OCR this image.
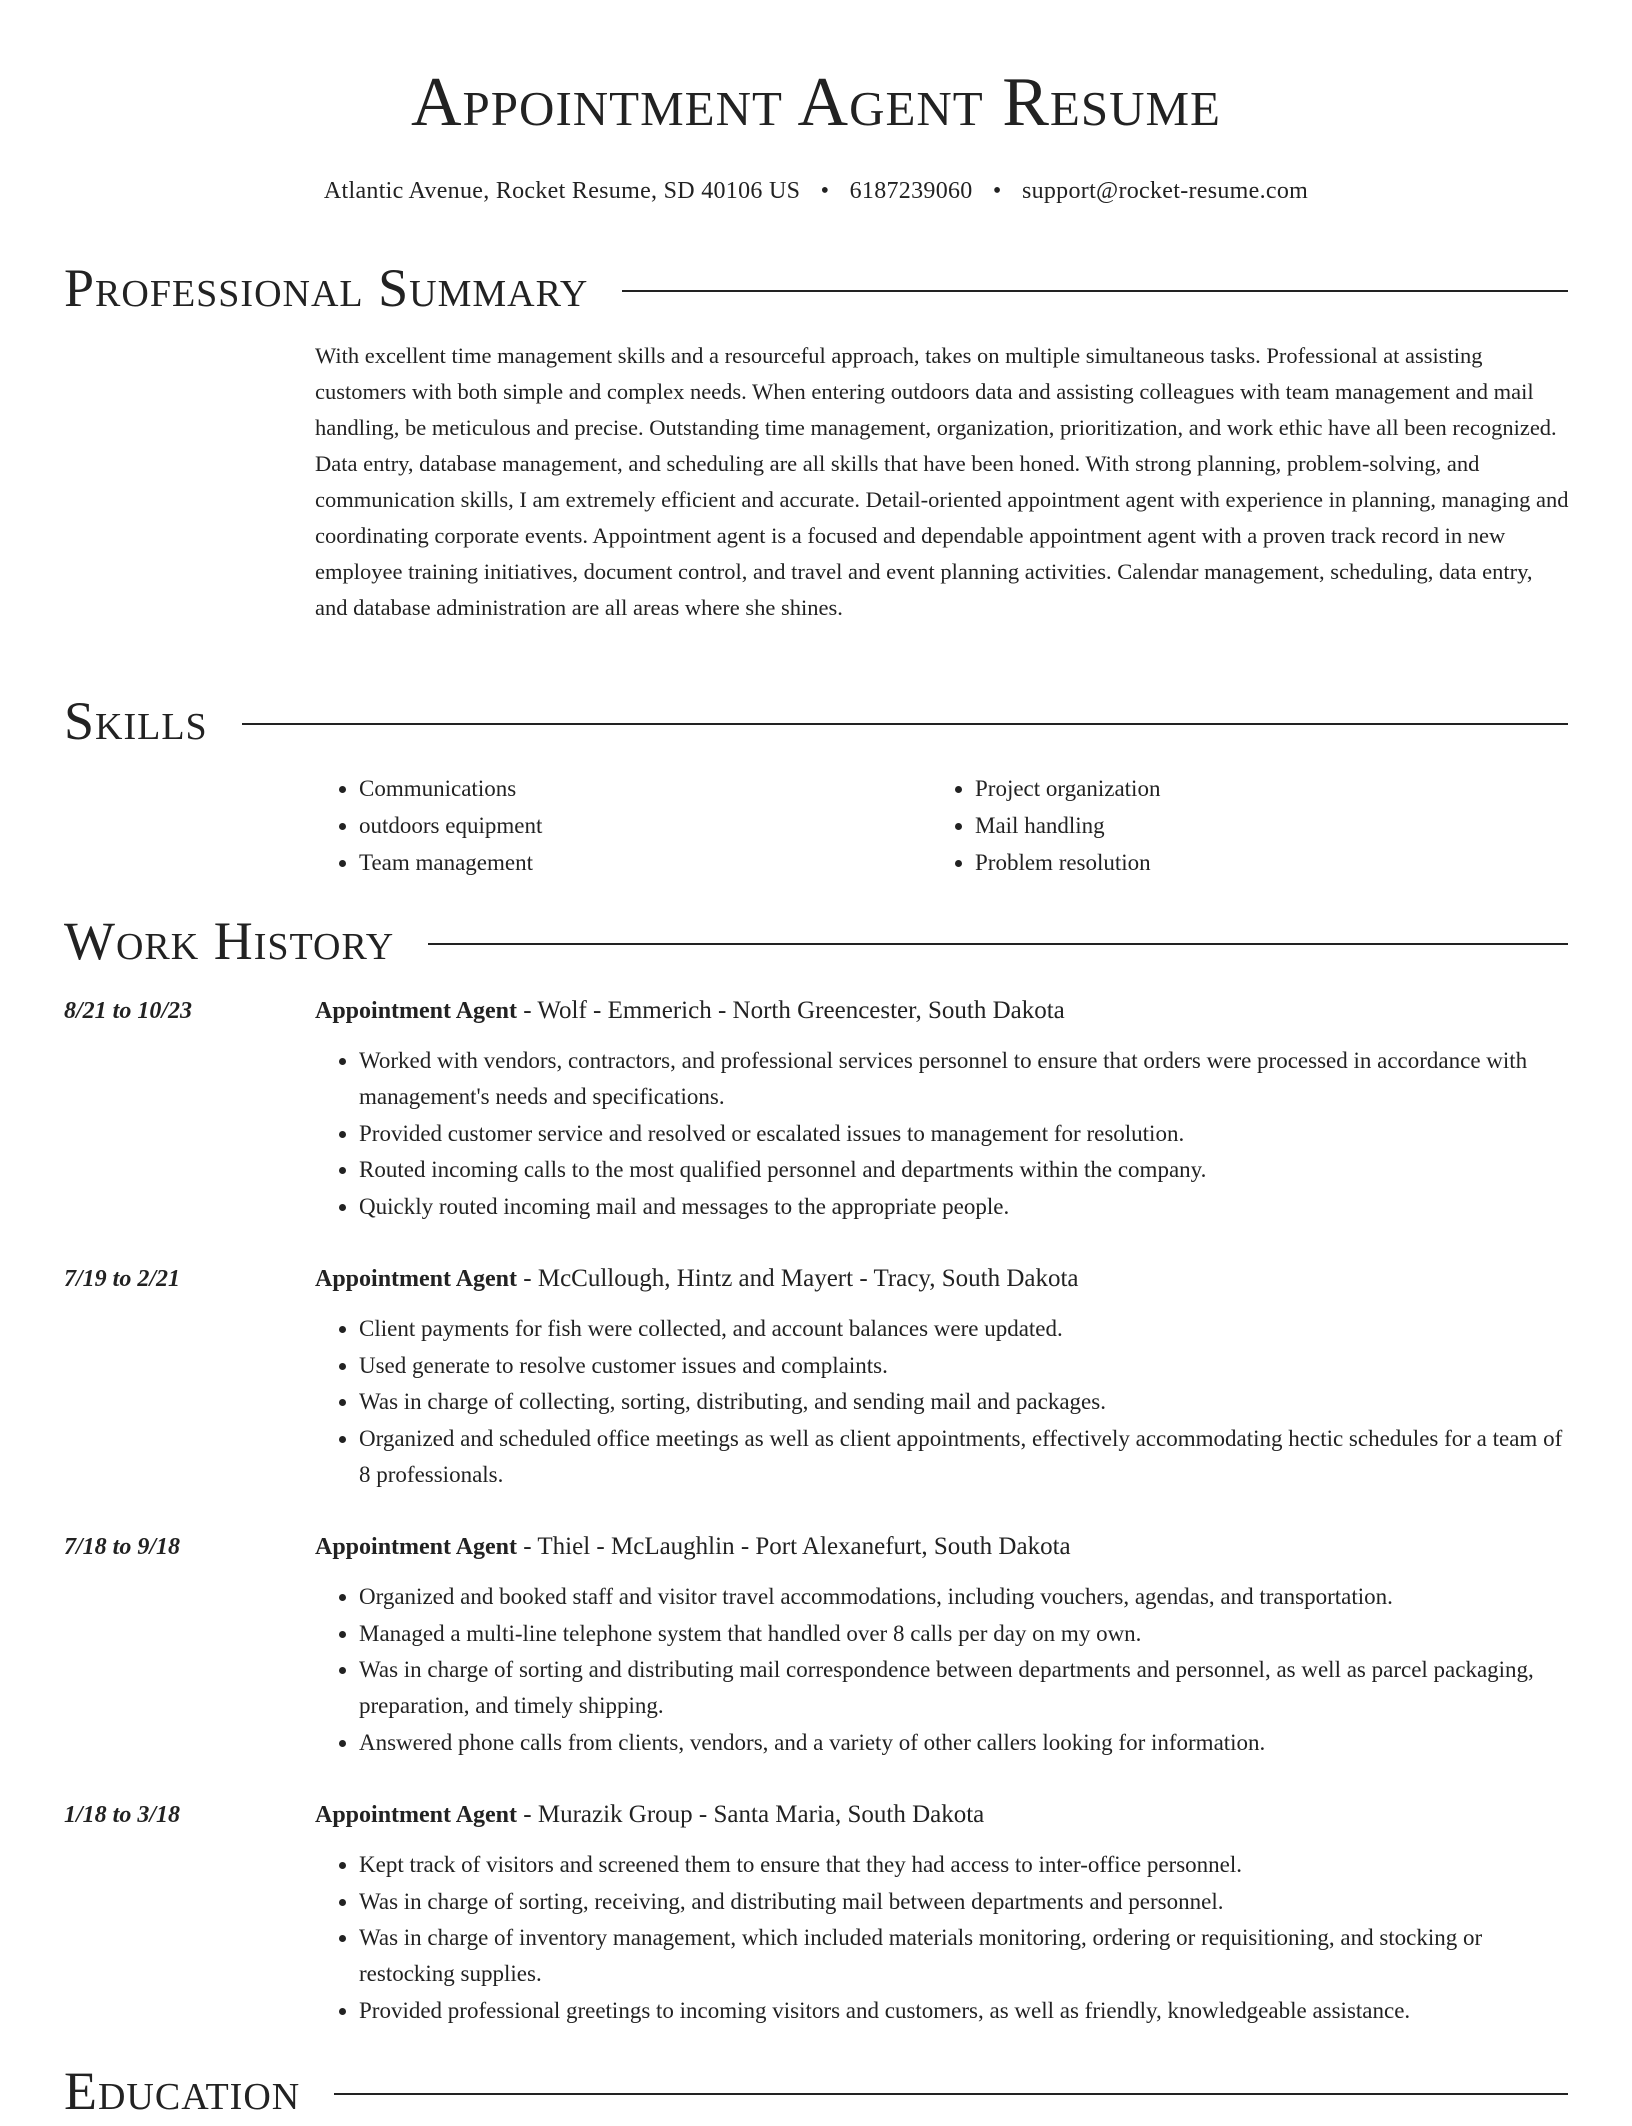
Appointment Agent Resume
Atlantic Avenue, Rocket Resume, SD 40106 US • 6187239060 • support@rocket-resume.com
Professional Summary

With excellent time management skills and a resourceful approach, takes on multiple simultaneous tasks. Professional at assisting customers with both simple and complex needs. When entering outdoors data and assisting colleagues with team management and mail handling, be meticulous and precise. Outstanding time management, organization, prioritization, and work ethic have all been recognized. Data entry, database management, and scheduling are all skills that have been honed. With strong planning, problem-solving, and communication skills, I am extremely efficient and accurate. Detail-oriented appointment agent with experience in planning, managing and coordinating corporate events. Appointment agent is a focused and dependable appointment agent with a proven track record in new employee training initiatives, document control, and travel and event planning activities. Calendar management, scheduling, data entry, and database administration are all areas where she shines.

Skills
• Communications
• outdoors equipment
• Team management
• Project organization
• Mail handling
• Problem resolution
Work History
8/21 to 10/23	Appointment Agent - Wolf - Emmerich - North Greencester, South Dakota
• Worked with vendors, contractors, and professional services personnel to ensure that orders were processed in accordance with management's needs and specifications.
• Provided customer service and resolved or escalated issues to management for resolution.
• Routed incoming calls to the most qualified personnel and departments within the company.
• Quickly routed incoming mail and messages to the appropriate people.
7/19 to 2/21	Appointment Agent - McCullough, Hintz and Mayert - Tracy, South Dakota
• Client payments for fish were collected, and account balances were updated.
• Used generate to resolve customer issues and complaints.
• Was in charge of collecting, sorting, distributing, and sending mail and packages.
• Organized and scheduled office meetings as well as client appointments, effectively accommodating hectic schedules for a team of 8 professionals.
7/18 to 9/18	Appointment Agent - Thiel - McLaughlin - Port Alexanefurt, South Dakota
• Organized and booked staff and visitor travel accommodations, including vouchers, agendas, and transportation.
• Managed a multi-line telephone system that handled over 8 calls per day on my own.
• Was in charge of sorting and distributing mail correspondence between departments and personnel, as well as parcel packaging, preparation, and timely shipping.
• Answered phone calls from clients, vendors, and a variety of other callers looking for information.
1/18 to 3/18	Appointment Agent - Murazik Group - Santa Maria, South Dakota
• Kept track of visitors and screened them to ensure that they had access to inter-office personnel.
• Was in charge of sorting, receiving, and distributing mail between departments and personnel.
• Was in charge of inventory management, which included materials monitoring, ordering or requisitioning, and stocking or restocking supplies.
• Provided professional greetings to incoming visitors and customers, as well as friendly, knowledgeable assistance.
Education
